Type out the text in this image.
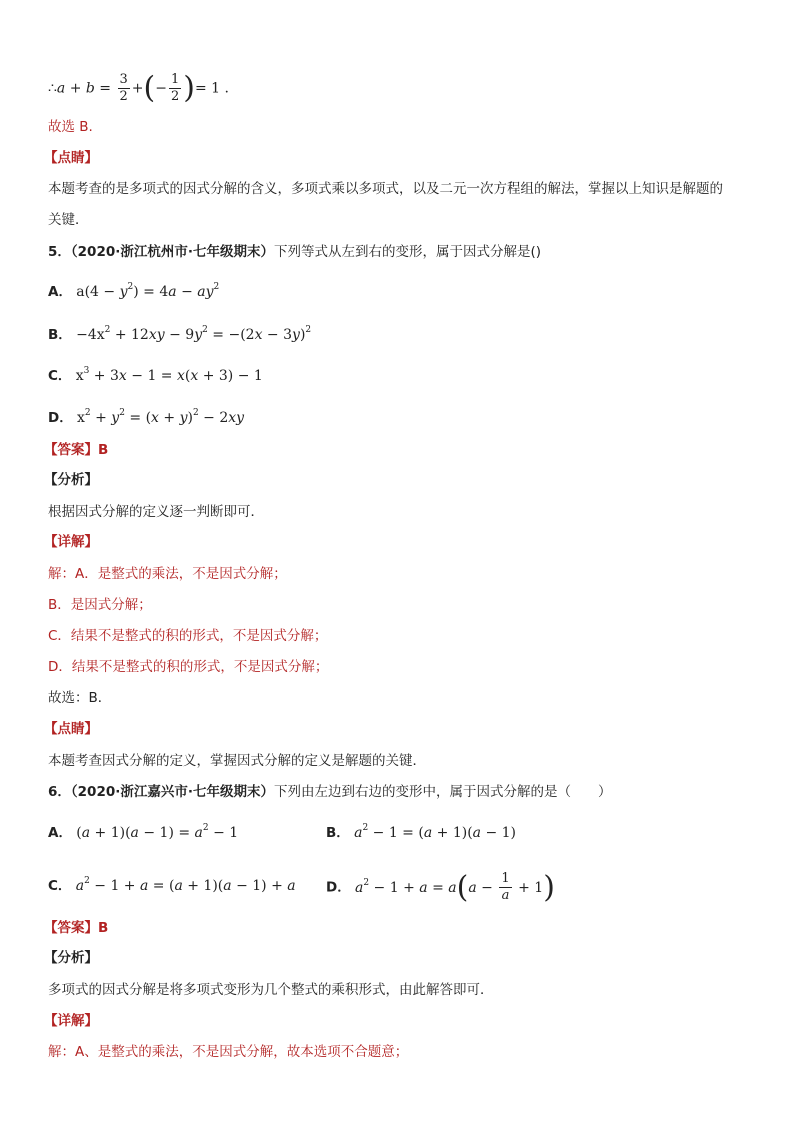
∴a + $b = \frac{3}{2}$ +(− $\frac{1}{2}$ )= 1 .
故选 B.
【点睛】
本题考查的是多项式的因式分解的含义，多项式乘以多项式，以及二元一次方程组的解法，掌握以上知识是解题的
关键．
5．（2020·浙江杭州市·七年级期末）下列等式从左到右的变形，属于因式分解是()
A． $a(4 - y^2) = 4a - ay^2$
B． $-4x^2 + 12xy - 9y^2 = -(2x - 3y)^2$
C． $x^3 + 3x - 1 = x(x + 3) - 1$
D． $x^2 + y^2 = (x + y)^2 - 2xy$
【答案】B
【分析】
根据因式分解的定义逐一判断即可．
【详解】
解：A．是整式的乘法，不是因式分解；
B．是因式分解；
C．结果不是整式的积的形式，不是因式分解；
D．结果不是整式的积的形式，不是因式分解；
故选：B．
【点睛】
本题考查因式分解的定义，掌握因式分解的定义是解题的关键．
6．（2020·浙江嘉兴市·七年级期末）下列由左边到右边的变形中，属于因式分解的是（　　）
A． $(a + 1)(a - 1) = a^2 - 1$	B． $a^2 - 1 = (a + 1)(a - 1)$
C． $a^2 - 1 + a = (a + 1)(a - 1) + a$ D． $a^2 - 1 + a = a(a - \frac{1}{a} + 1)$
【答案】B
【分析】
多项式的因式分解是将多项式变形为几个整式的乘积形式，由此解答即可．
【详解】
解：A、是整式的乘法，不是因式分解，故本选项不合题意；
